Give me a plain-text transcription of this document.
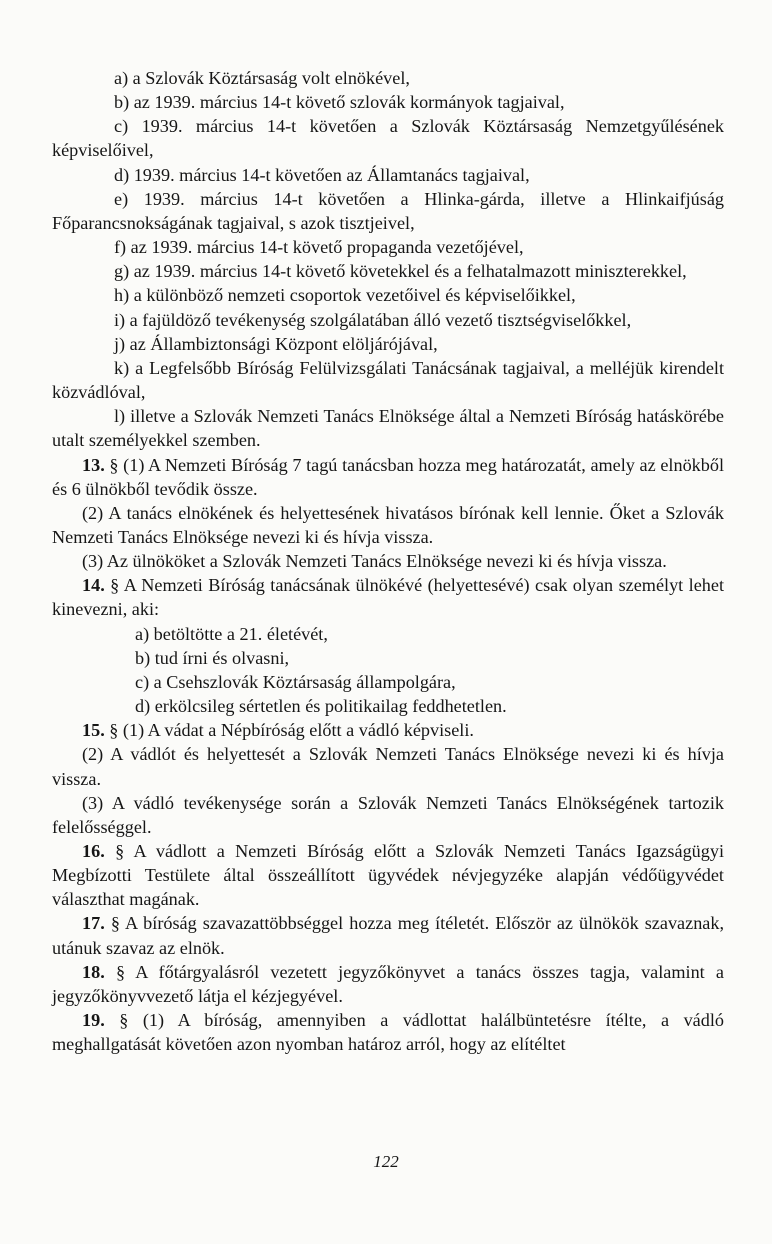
a) a Szlovák Köztársaság volt elnökével,
b) az 1939. március 14-t követő szlovák kormányok tagjaival,
c) 1939. március 14-t követően a Szlovák Köztársaság Nemzetgyűlésének képviselőivel,
d) 1939. március 14-t követően az Államtanács tagjaival,
e) 1939. március 14-t követően a Hlinka-gárda, illetve a Hlinkaifjúság Főparancsnokságának tagjaival, s azok tisztjeivel,
f) az 1939. március 14-t követő propaganda vezetőjével,
g) az 1939. március 14-t követő követekkel és a felhatalmazott miniszterekkel,
h) a különböző nemzeti csoportok vezetőivel és képviselőikkel,
i) a fajüldöző tevékenység szolgálatában álló vezető tisztségviselőkkel,
j) az Állambiztonsági Központ elöljárójával,
k) a Legfelsőbb Bíróság Felülvizsgálati Tanácsának tagjaival, a melléjük kirendelt közvádlóval,
l) illetve a Szlovák Nemzeti Tanács Elnöksége által a Nemzeti Bíróság hatáskörébe utalt személyekkel szemben.
13. § (1) A Nemzeti Bíróság 7 tagú tanácsban hozza meg határozatát, amely az elnökből és 6 ülnökből tevődik össze.
(2) A tanács elnökének és helyettesének hivatásos bírónak kell lennie. Őket a Szlovák Nemzeti Tanács Elnöksége nevezi ki és hívja vissza.
(3) Az ülnököket a Szlovák Nemzeti Tanács Elnöksége nevezi ki és hívja vissza.
14. § A Nemzeti Bíróság tanácsának ülnökévé (helyettesévé) csak olyan személyt lehet kinevezni, aki:
a) betöltötte a 21. életévét,
b) tud írni és olvasni,
c) a Csehszlovák Köztársaság állampolgára,
d) erkölcsileg sértetlen és politikailag feddhetetlen.
15. § (1) A vádat a Népbíróság előtt a vádló képviseli.
(2) A vádlót és helyettesét a Szlovák Nemzeti Tanács Elnöksége nevezi ki és hívja vissza.
(3) A vádló tevékenysége során a Szlovák Nemzeti Tanács Elnökségének tartozik felelősséggel.
16. § A vádlott a Nemzeti Bíróság előtt a Szlovák Nemzeti Tanács Igazságügyi Megbízotti Testülete által összeállított ügyvédek névjegyzéke alapján védőügyvédet választhat magának.
17. § A bíróság szavazattöbbséggel hozza meg ítéletét. Először az ülnökök szavaznak, utánuk szavaz az elnök.
18. § A főtárgyalásról vezetett jegyzőkönyvet a tanács összes tagja, valamint a jegyzőkönyvvezető látja el kézjegyével.
19. § (1) A bíróság, amennyiben a vádlottat halálbüntetésre ítélte, a vádló meghallgatását követően azon nyomban határoz arról, hogy az elítéltet
122
